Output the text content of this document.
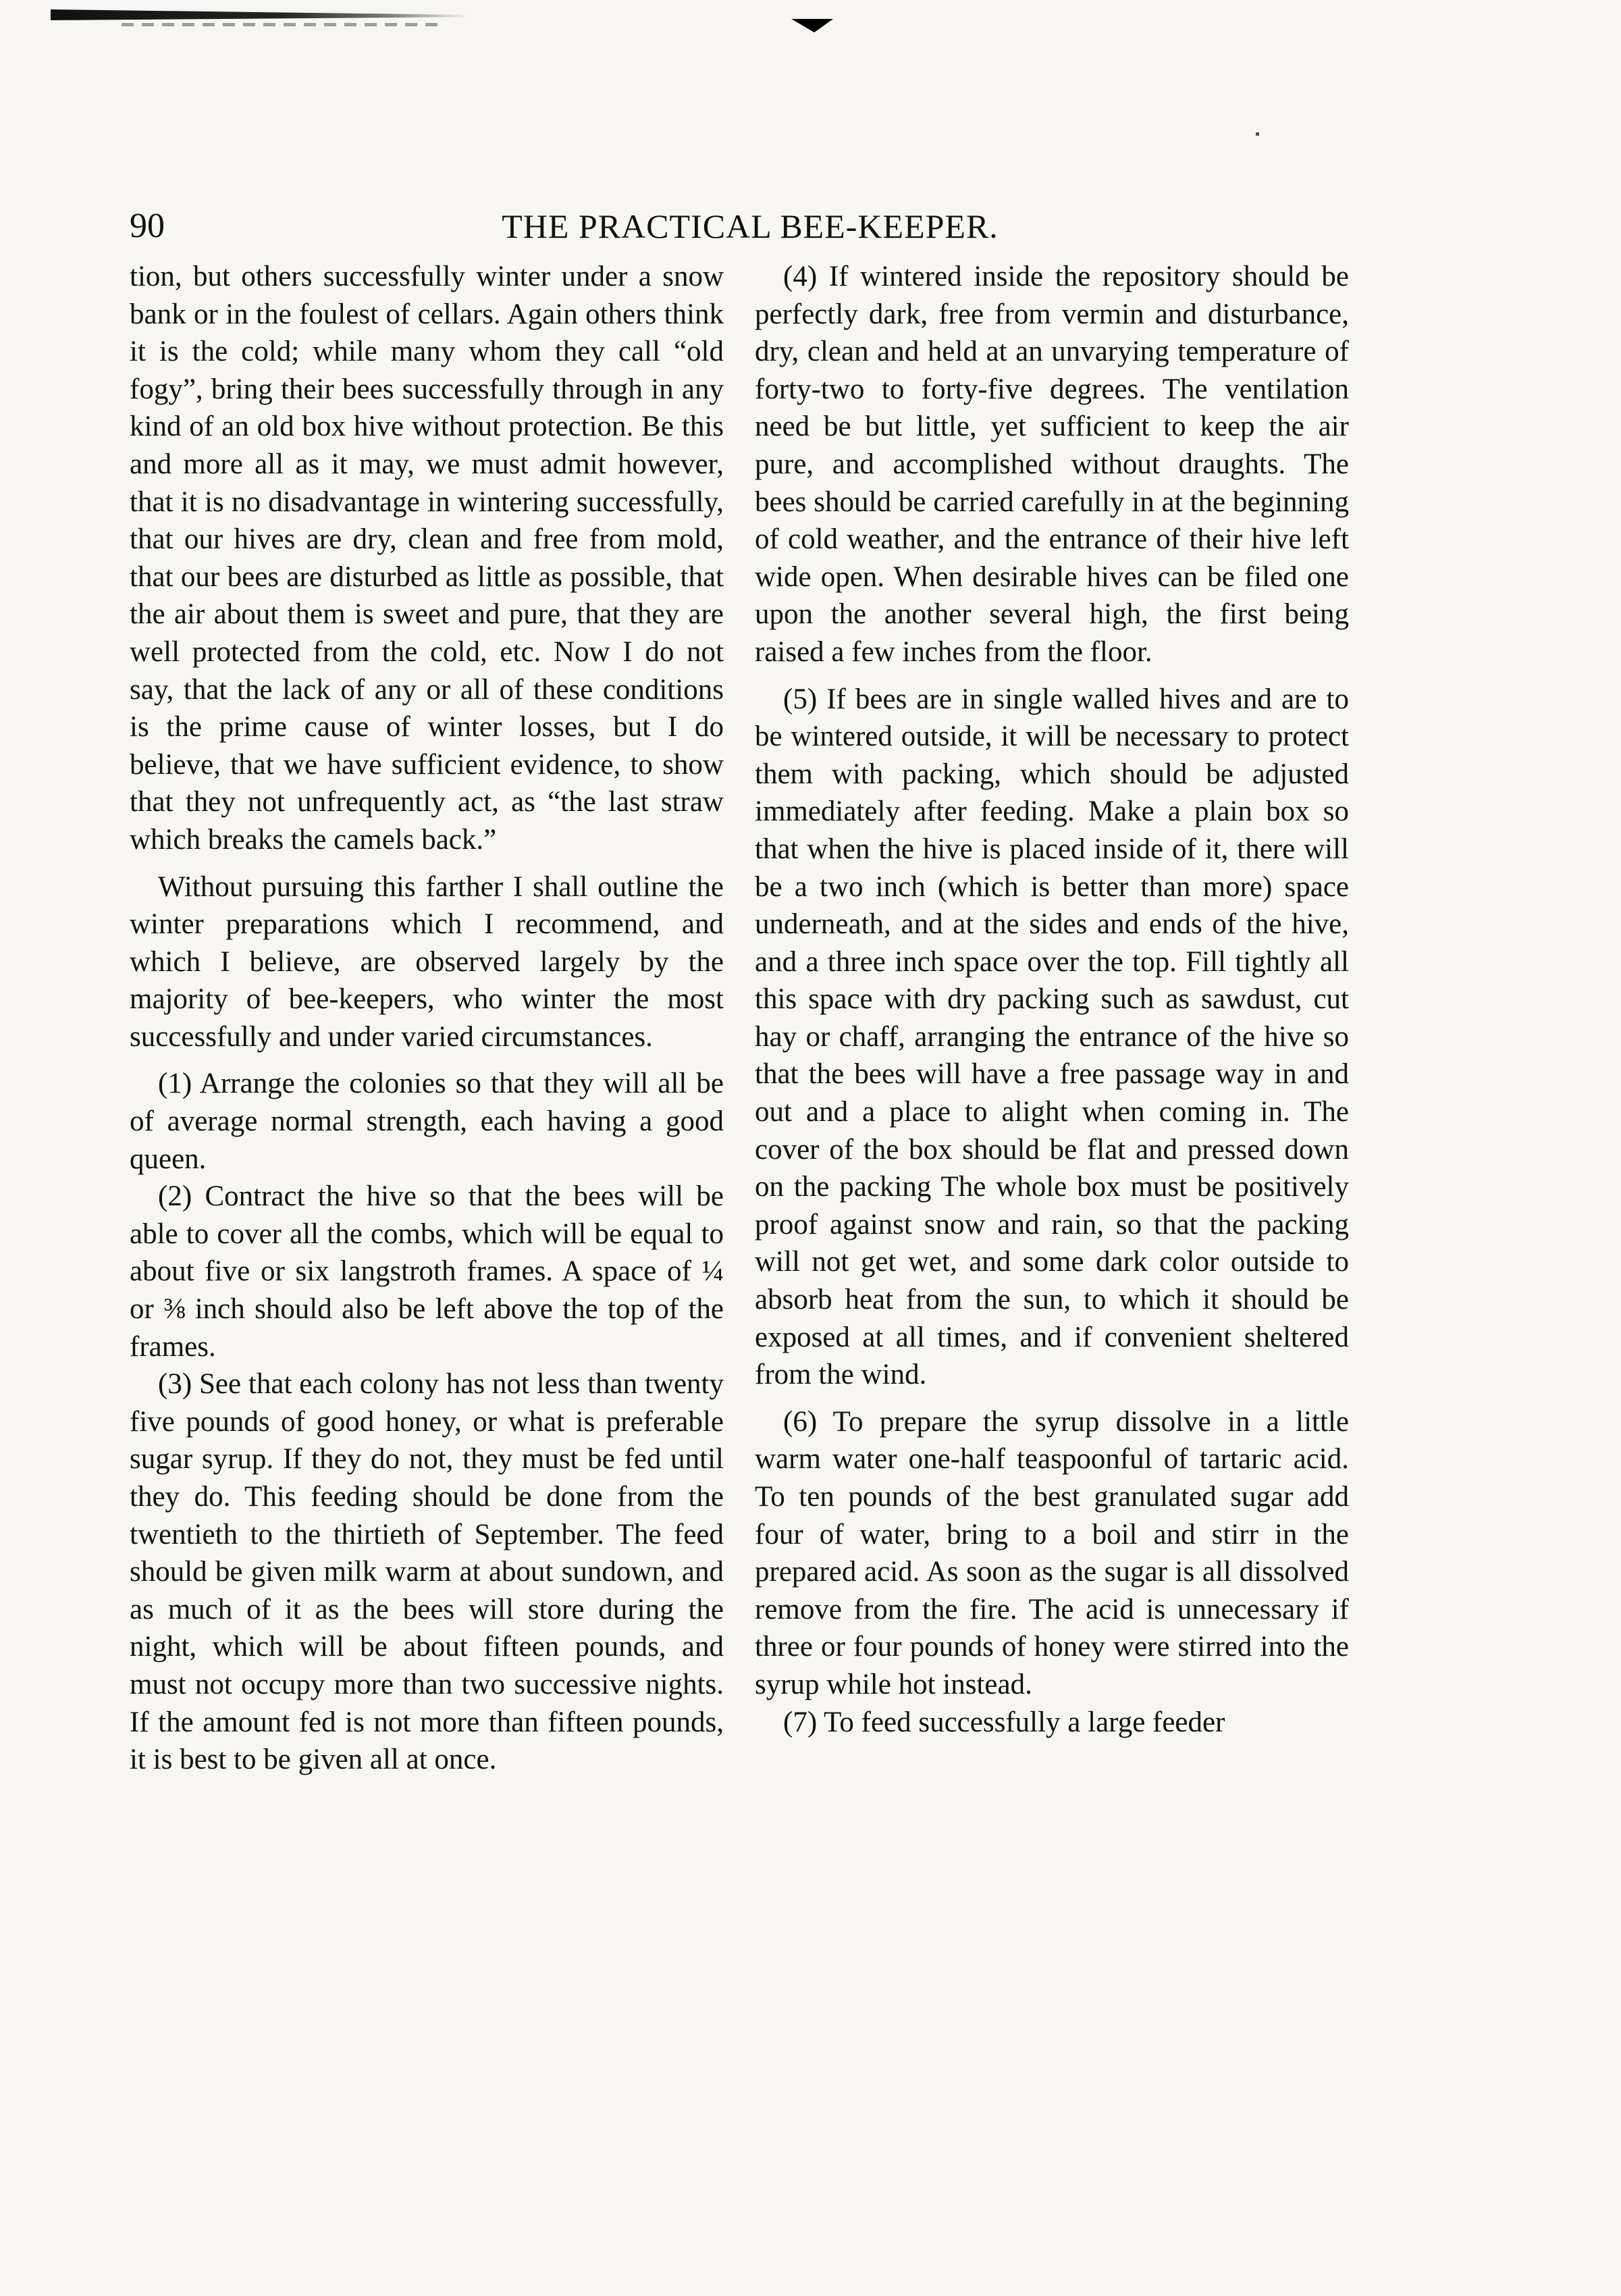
90	THE PRACTICAL BEE-KEEPER.

tion, but others successfully winter under a snow bank or in the foulest of cellars. Again others think it is the cold; while many whom they call “old fogy”, bring their bees successfully through in any kind of an old box hive without protection. Be this and more all as it may, we must admit however, that it is no disadvantage in wintering successfully, that our hives are dry, clean and free from mold, that our bees are disturbed as little as possible, that the air about them is sweet and pure, that they are well protected from the cold, etc. Now I do not say, that the lack of any or all of these conditions is the prime cause of winter losses, but I do believe, that we have sufficient evidence, to show that they not unfrequently act, as “the last straw which breaks the camels back.”

Without pursuing this farther I shall outline the winter preparations which I recommend, and which I believe, are observed largely by the majority of bee-keepers, who winter the most successfully and under varied circumstances.

(1) Arrange the colonies so that they will all be of average normal strength, each having a good queen.

(2) Contract the hive so that the bees will be able to cover all the combs, which will be equal to about five or six langstroth frames. A space of ¼ or ⅜ inch should also be left above the top of the frames.

(3) See that each colony has not less than twenty five pounds of good honey, or what is preferable sugar syrup. If they do not, they must be fed until they do. This feeding should be done from the twentieth to the thirtieth of September. The feed should be given milk warm at about sundown, and as much of it as the bees will store during the night, which will be about fifteen pounds, and must not occupy more than two successive nights. If the amount fed is not more than fifteen pounds, it is best to be given all at once.

(4) If wintered inside the repository should be perfectly dark, free from vermin and disturbance, dry, clean and held at an unvarying temperature of forty-two to forty-five degrees. The ventilation need be but little, yet sufficient to keep the air pure, and accomplished without draughts. The bees should be carried carefully in at the beginning of cold weather, and the entrance of their hive left wide open. When desirable hives can be filed one upon the another several high, the first being raised a few inches from the floor.

(5) If bees are in single walled hives and are to be wintered outside, it will be necessary to protect them with packing, which should be adjusted immediately after feeding. Make a plain box so that when the hive is placed inside of it, there will be a two inch (which is better than more) space underneath, and at the sides and ends of the hive, and a three inch space over the top. Fill tightly all this space with dry packing such as sawdust, cut hay or chaff, arranging the entrance of the hive so that the bees will have a free passage way in and out and a place to alight when coming in. The cover of the box should be flat and pressed down on the packing The whole box must be positively proof against snow and rain, so that the packing will not get wet, and some dark color outside to absorb heat from the sun, to which it should be exposed at all times, and if convenient sheltered from the wind.

(6) To prepare the syrup dissolve in a little warm water one-half teaspoonful of tartaric acid. To ten pounds of the best granulated sugar add four of water, bring to a boil and stirr in the prepared acid. As soon as the sugar is all dissolved remove from the fire. The acid is unnecessary if three or four pounds of honey were stirred into the syrup while hot instead.

(7) To feed successfully a large feeder
